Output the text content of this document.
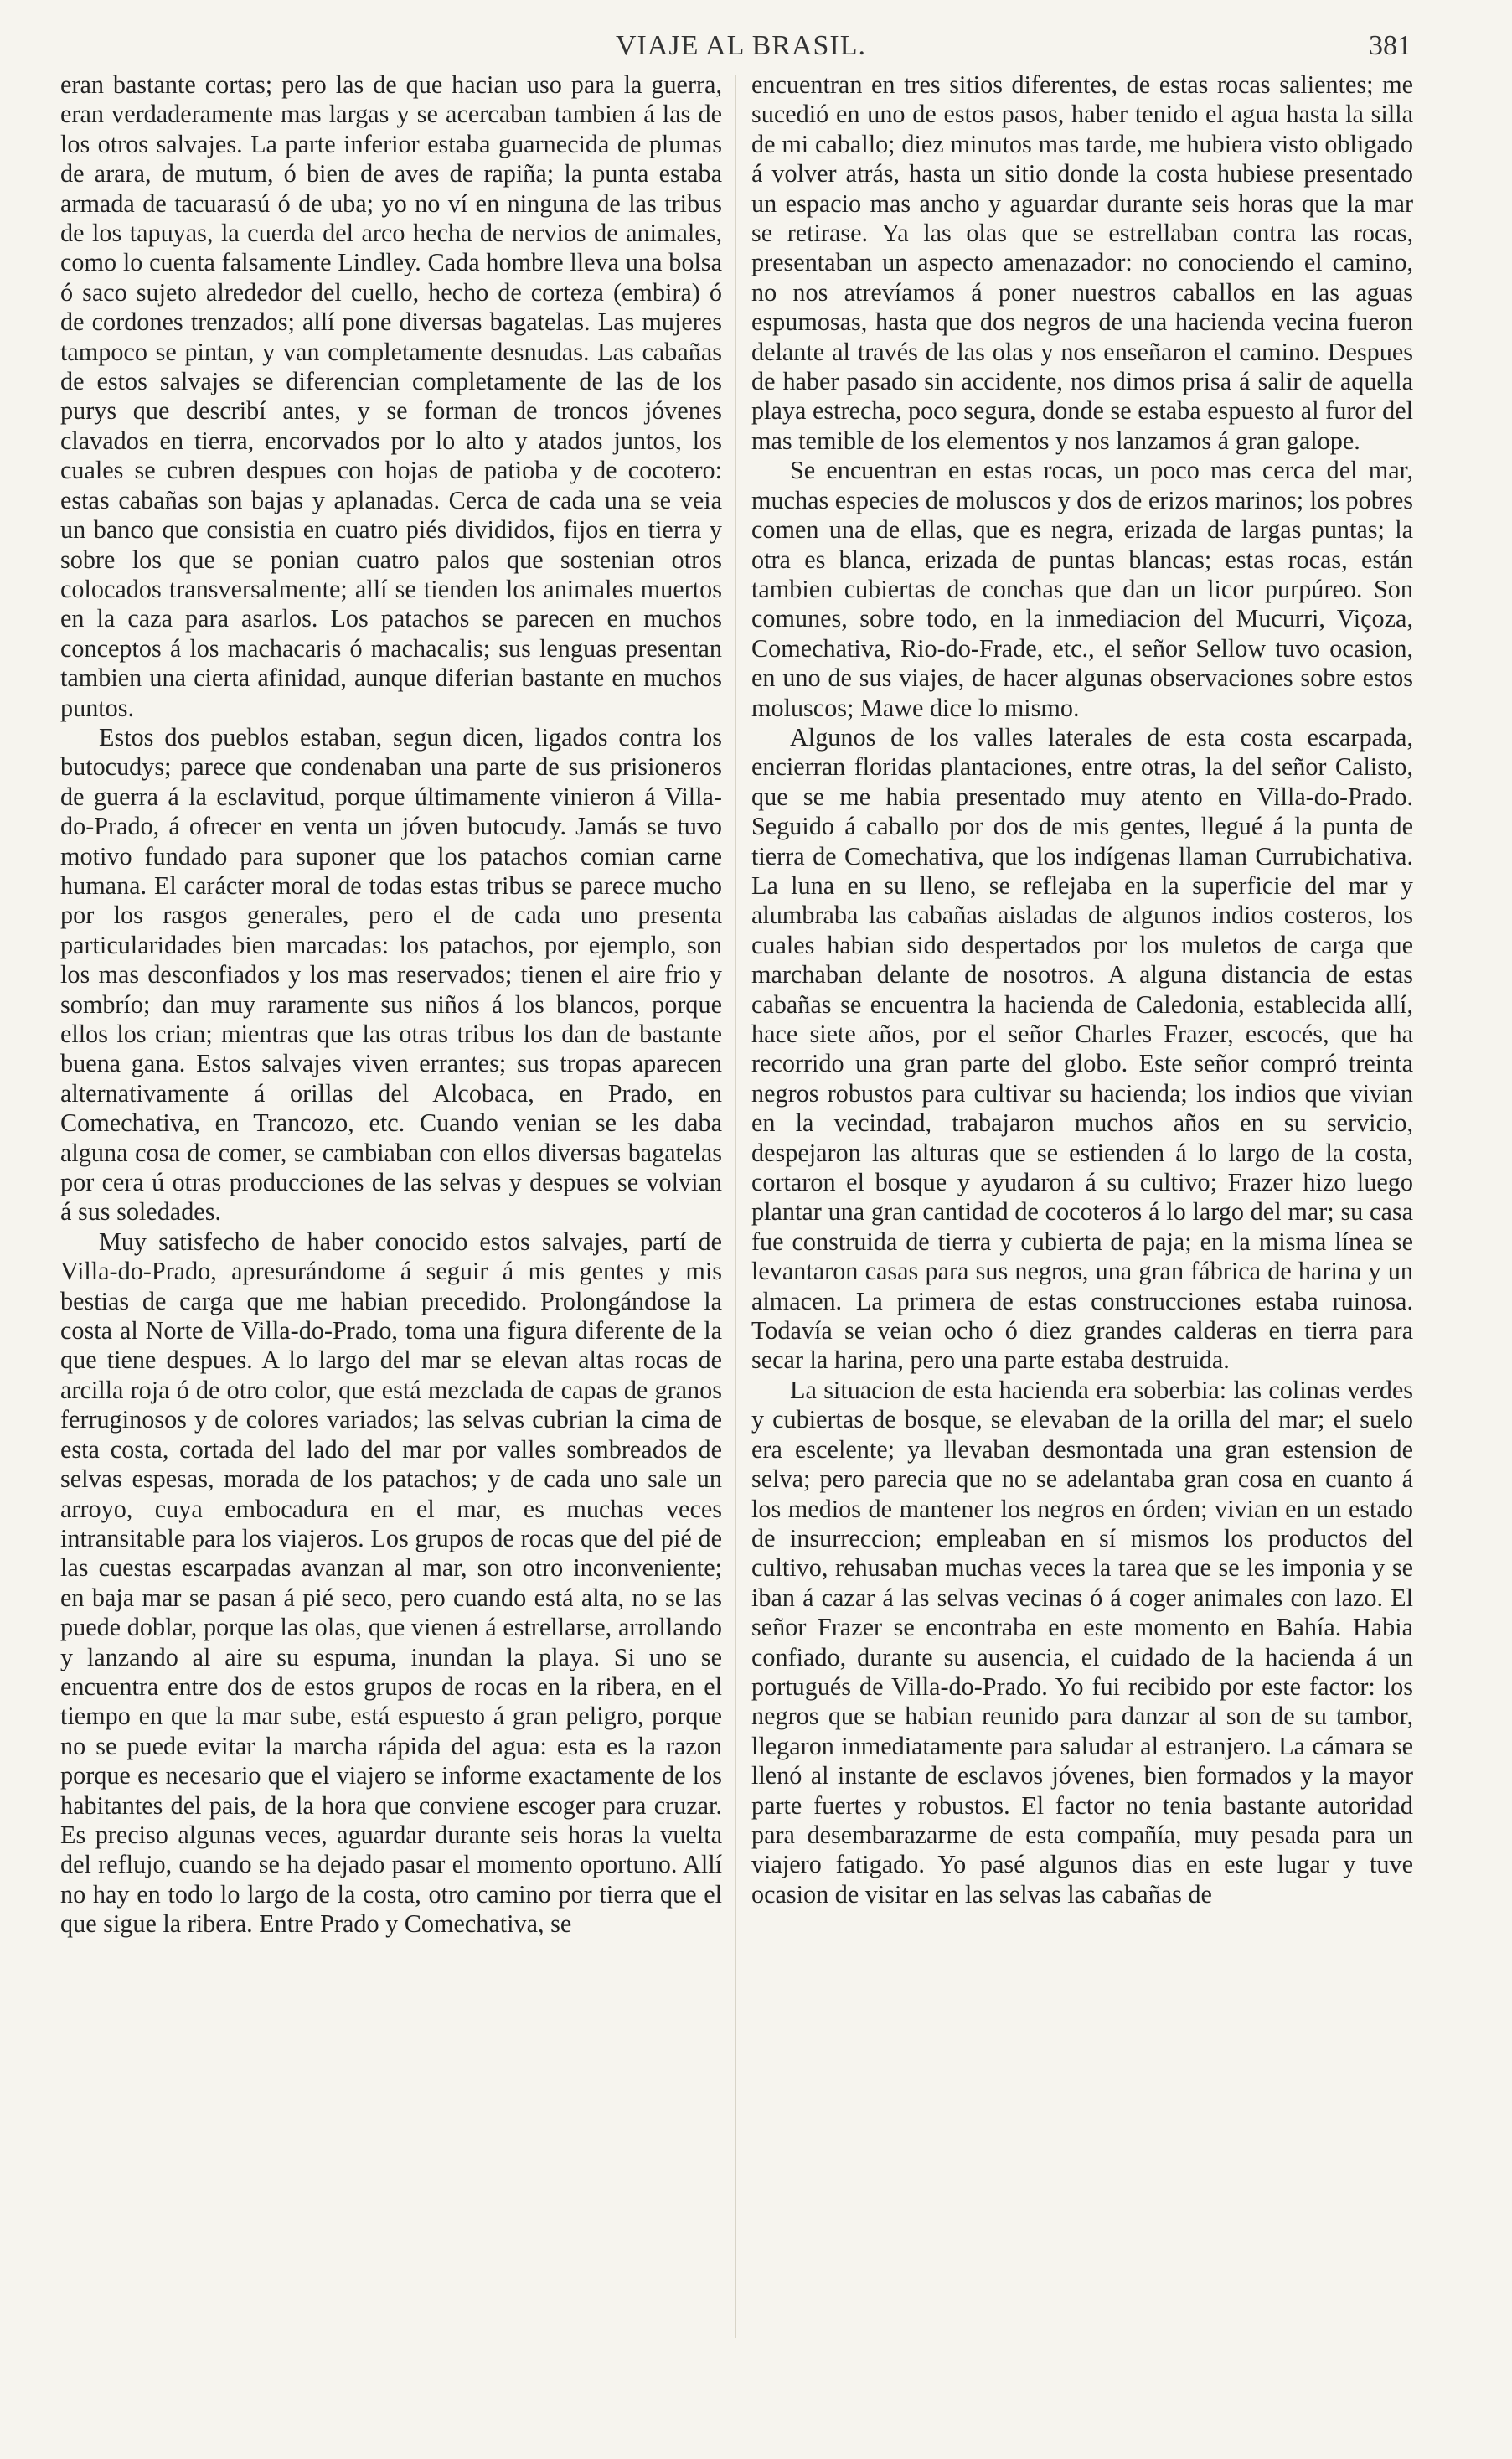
VIAJE AL BRASIL.	381

eran bastante cortas; pero las de que hacian uso para la guerra, eran verdaderamente mas largas y se acercaban tambien á las de los otros salvajes. La parte inferior estaba guarnecida de plumas de arara, de mutum, ó bien de aves de rapiña; la punta estaba armada de tacuarasú ó de uba; yo no ví en ninguna de las tribus de los tapuyas, la cuerda del arco hecha de nervios de animales, como lo cuenta falsamente Lindley. Cada hombre lleva una bolsa ó saco sujeto alrededor del cuello, hecho de corteza (embira) ó de cordones trenzados; allí pone diversas bagatelas. Las mujeres tampoco se pintan, y van completamente desnudas. Las cabañas de estos salvajes se diferencian completamente de las de los purys que describí antes, y se forman de troncos jóvenes clavados en tierra, encorvados por lo alto y atados juntos, los cuales se cubren despues con hojas de patioba y de cocotero: estas cabañas son bajas y aplanadas. Cerca de cada una se veia un banco que consistia en cuatro piés divididos, fijos en tierra y sobre los que se ponian cuatro palos que sostenian otros colocados transversalmente; allí se tienden los animales muertos en la caza para asarlos. Los patachos se parecen en muchos conceptos á los machacaris ó machacalis; sus lenguas presentan tambien una cierta afinidad, aunque diferian bastante en muchos puntos.

Estos dos pueblos estaban, segun dicen, ligados contra los butocudys; parece que condenaban una parte de sus prisioneros de guerra á la esclavitud, porque últimamente vinieron á Villa-do-Prado, á ofrecer en venta un jóven butocudy. Jamás se tuvo motivo fundado para suponer que los patachos comian carne humana. El carácter moral de todas estas tribus se parece mucho por los rasgos generales, pero el de cada uno presenta particularidades bien marcadas: los patachos, por ejemplo, son los mas desconfiados y los mas reservados; tienen el aire frio y sombrío; dan muy raramente sus niños á los blancos, porque ellos los crian; mientras que las otras tribus los dan de bastante buena gana. Estos salvajes viven errantes; sus tropas aparecen alternativamente á orillas del Alcobaca, en Prado, en Comechativa, en Trancozo, etc. Cuando venian se les daba alguna cosa de comer, se cambiaban con ellos diversas bagatelas por cera ú otras producciones de las selvas y despues se volvian á sus soledades.

Muy satisfecho de haber conocido estos salvajes, partí de Villa-do-Prado, apresurándome á seguir á mis gentes y mis bestias de carga que me habian precedido. Prolongándose la costa al Norte de Villa-do-Prado, toma una figura diferente de la que tiene despues. A lo largo del mar se elevan altas rocas de arcilla roja ó de otro color, que está mezclada de capas de granos ferruginosos y de colores variados; las selvas cubrian la cima de esta costa, cortada del lado del mar por valles sombreados de selvas espesas, morada de los patachos; y de cada uno sale un arroyo, cuya embocadura en el mar, es muchas veces intransitable para los viajeros. Los grupos de rocas que del pié de las cuestas escarpadas avanzan al mar, son otro inconveniente; en baja mar se pasan á pié seco, pero cuando está alta, no se las puede doblar, porque las olas, que vienen á estrellarse, arrollando y lanzando al aire su espuma, inundan la playa. Si uno se encuentra entre dos de estos grupos de rocas en la ribera, en el tiempo en que la mar sube, está espuesto á gran peligro, porque no se puede evitar la marcha rápida del agua: esta es la razon porque es necesario que el viajero se informe exactamente de los habitantes del pais, de la hora que conviene escoger para cruzar. Es preciso algunas veces, aguardar durante seis horas la vuelta del reflujo, cuando se ha dejado pasar el momento oportuno. Allí no hay en todo lo largo de la costa, otro camino por tierra que el que sigue la ribera. Entre Prado y Comechativa, se

encuentran en tres sitios diferentes, de estas rocas salientes; me sucedió en uno de estos pasos, haber tenido el agua hasta la silla de mi caballo; diez minutos mas tarde, me hubiera visto obligado á volver atrás, hasta un sitio donde la costa hubiese presentado un espacio mas ancho y aguardar durante seis horas que la mar se retirase. Ya las olas que se estrellaban contra las rocas, presentaban un aspecto amenazador: no conociendo el camino, no nos atrevíamos á poner nuestros caballos en las aguas espumosas, hasta que dos negros de una hacienda vecina fueron delante al través de las olas y nos enseñaron el camino. Despues de haber pasado sin accidente, nos dimos prisa á salir de aquella playa estrecha, poco segura, donde se estaba espuesto al furor del mas temible de los elementos y nos lanzamos á gran galope.

Se encuentran en estas rocas, un poco mas cerca del mar, muchas especies de moluscos y dos de erizos marinos; los pobres comen una de ellas, que es negra, erizada de largas puntas; la otra es blanca, erizada de puntas blancas; estas rocas, están tambien cubiertas de conchas que dan un licor purpúreo. Son comunes, sobre todo, en la inmediacion del Mucurri, Viçoza, Comechativa, Rio-do-Frade, etc., el señor Sellow tuvo ocasion, en uno de sus viajes, de hacer algunas observaciones sobre estos moluscos; Mawe dice lo mismo.

Algunos de los valles laterales de esta costa escarpada, encierran floridas plantaciones, entre otras, la del señor Calisto, que se me habia presentado muy atento en Villa-do-Prado. Seguido á caballo por dos de mis gentes, llegué á la punta de tierra de Comechativa, que los indígenas llaman Currubichativa. La luna en su lleno, se reflejaba en la superficie del mar y alumbraba las cabañas aisladas de algunos indios costeros, los cuales habian sido despertados por los muletos de carga que marchaban delante de nosotros. A alguna distancia de estas cabañas se encuentra la hacienda de Caledonia, establecida allí, hace siete años, por el señor Charles Frazer, escocés, que ha recorrido una gran parte del globo. Este señor compró treinta negros robustos para cultivar su hacienda; los indios que vivian en la vecindad, trabajaron muchos años en su servicio, despejaron las alturas que se estienden á lo largo de la costa, cortaron el bosque y ayudaron á su cultivo; Frazer hizo luego plantar una gran cantidad de cocoteros á lo largo del mar; su casa fue construida de tierra y cubierta de paja; en la misma línea se levantaron casas para sus negros, una gran fábrica de harina y un almacen. La primera de estas construcciones estaba ruinosa. Todavía se veian ocho ó diez grandes calderas en tierra para secar la harina, pero una parte estaba destruida.

La situacion de esta hacienda era soberbia: las colinas verdes y cubiertas de bosque, se elevaban de la orilla del mar; el suelo era escelente; ya llevaban desmontada una gran estension de selva; pero parecia que no se adelantaba gran cosa en cuanto á los medios de mantener los negros en órden; vivian en un estado de insurreccion; empleaban en sí mismos los productos del cultivo, rehusaban muchas veces la tarea que se les imponia y se iban á cazar á las selvas vecinas ó á coger animales con lazo. El señor Frazer se encontraba en este momento en Bahía. Habia confiado, durante su ausencia, el cuidado de la hacienda á un portugués de Villa-do-Prado. Yo fui recibido por este factor: los negros que se habian reunido para danzar al son de su tambor, llegaron inmediatamente para saludar al estranjero. La cámara se llenó al instante de esclavos jóvenes, bien formados y la mayor parte fuertes y robustos. El factor no tenia bastante autoridad para desembarazarme de esta compañía, muy pesada para un viajero fatigado. Yo pasé algunos dias en este lugar y tuve ocasion de visitar en las selvas las cabañas de
